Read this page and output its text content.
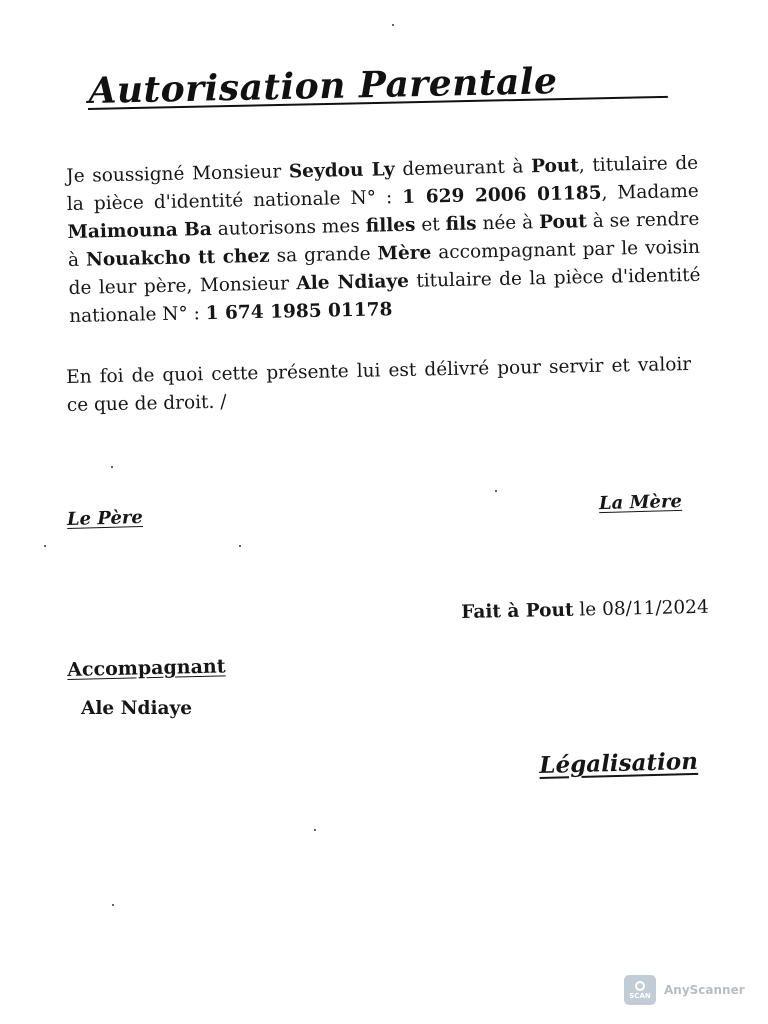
Autorisation Parentale
Je soussigné Monsieur Seydou Ly demeurant à Pout, titulaire de la pièce d'identité nationale N° : 1 629 2006 01185, Madame Maimouna Ba autorisons mes filles et fils née à Pout à se rendre à Nouakcho tt chez sa grande Mère accompagnant par le voisin de leur père, Monsieur Ale Ndiaye titulaire de la pièce d'identité nationale N° : 1 674 1985 01178
En foi de quoi cette présente lui est délivré pour servir et valoir ce que de droit. /
Le Père
La Mère
Fait à Pout le 08/11/2024
Accompagnant
Ale Ndiaye
Légalisation
SCAN AnyScanner
